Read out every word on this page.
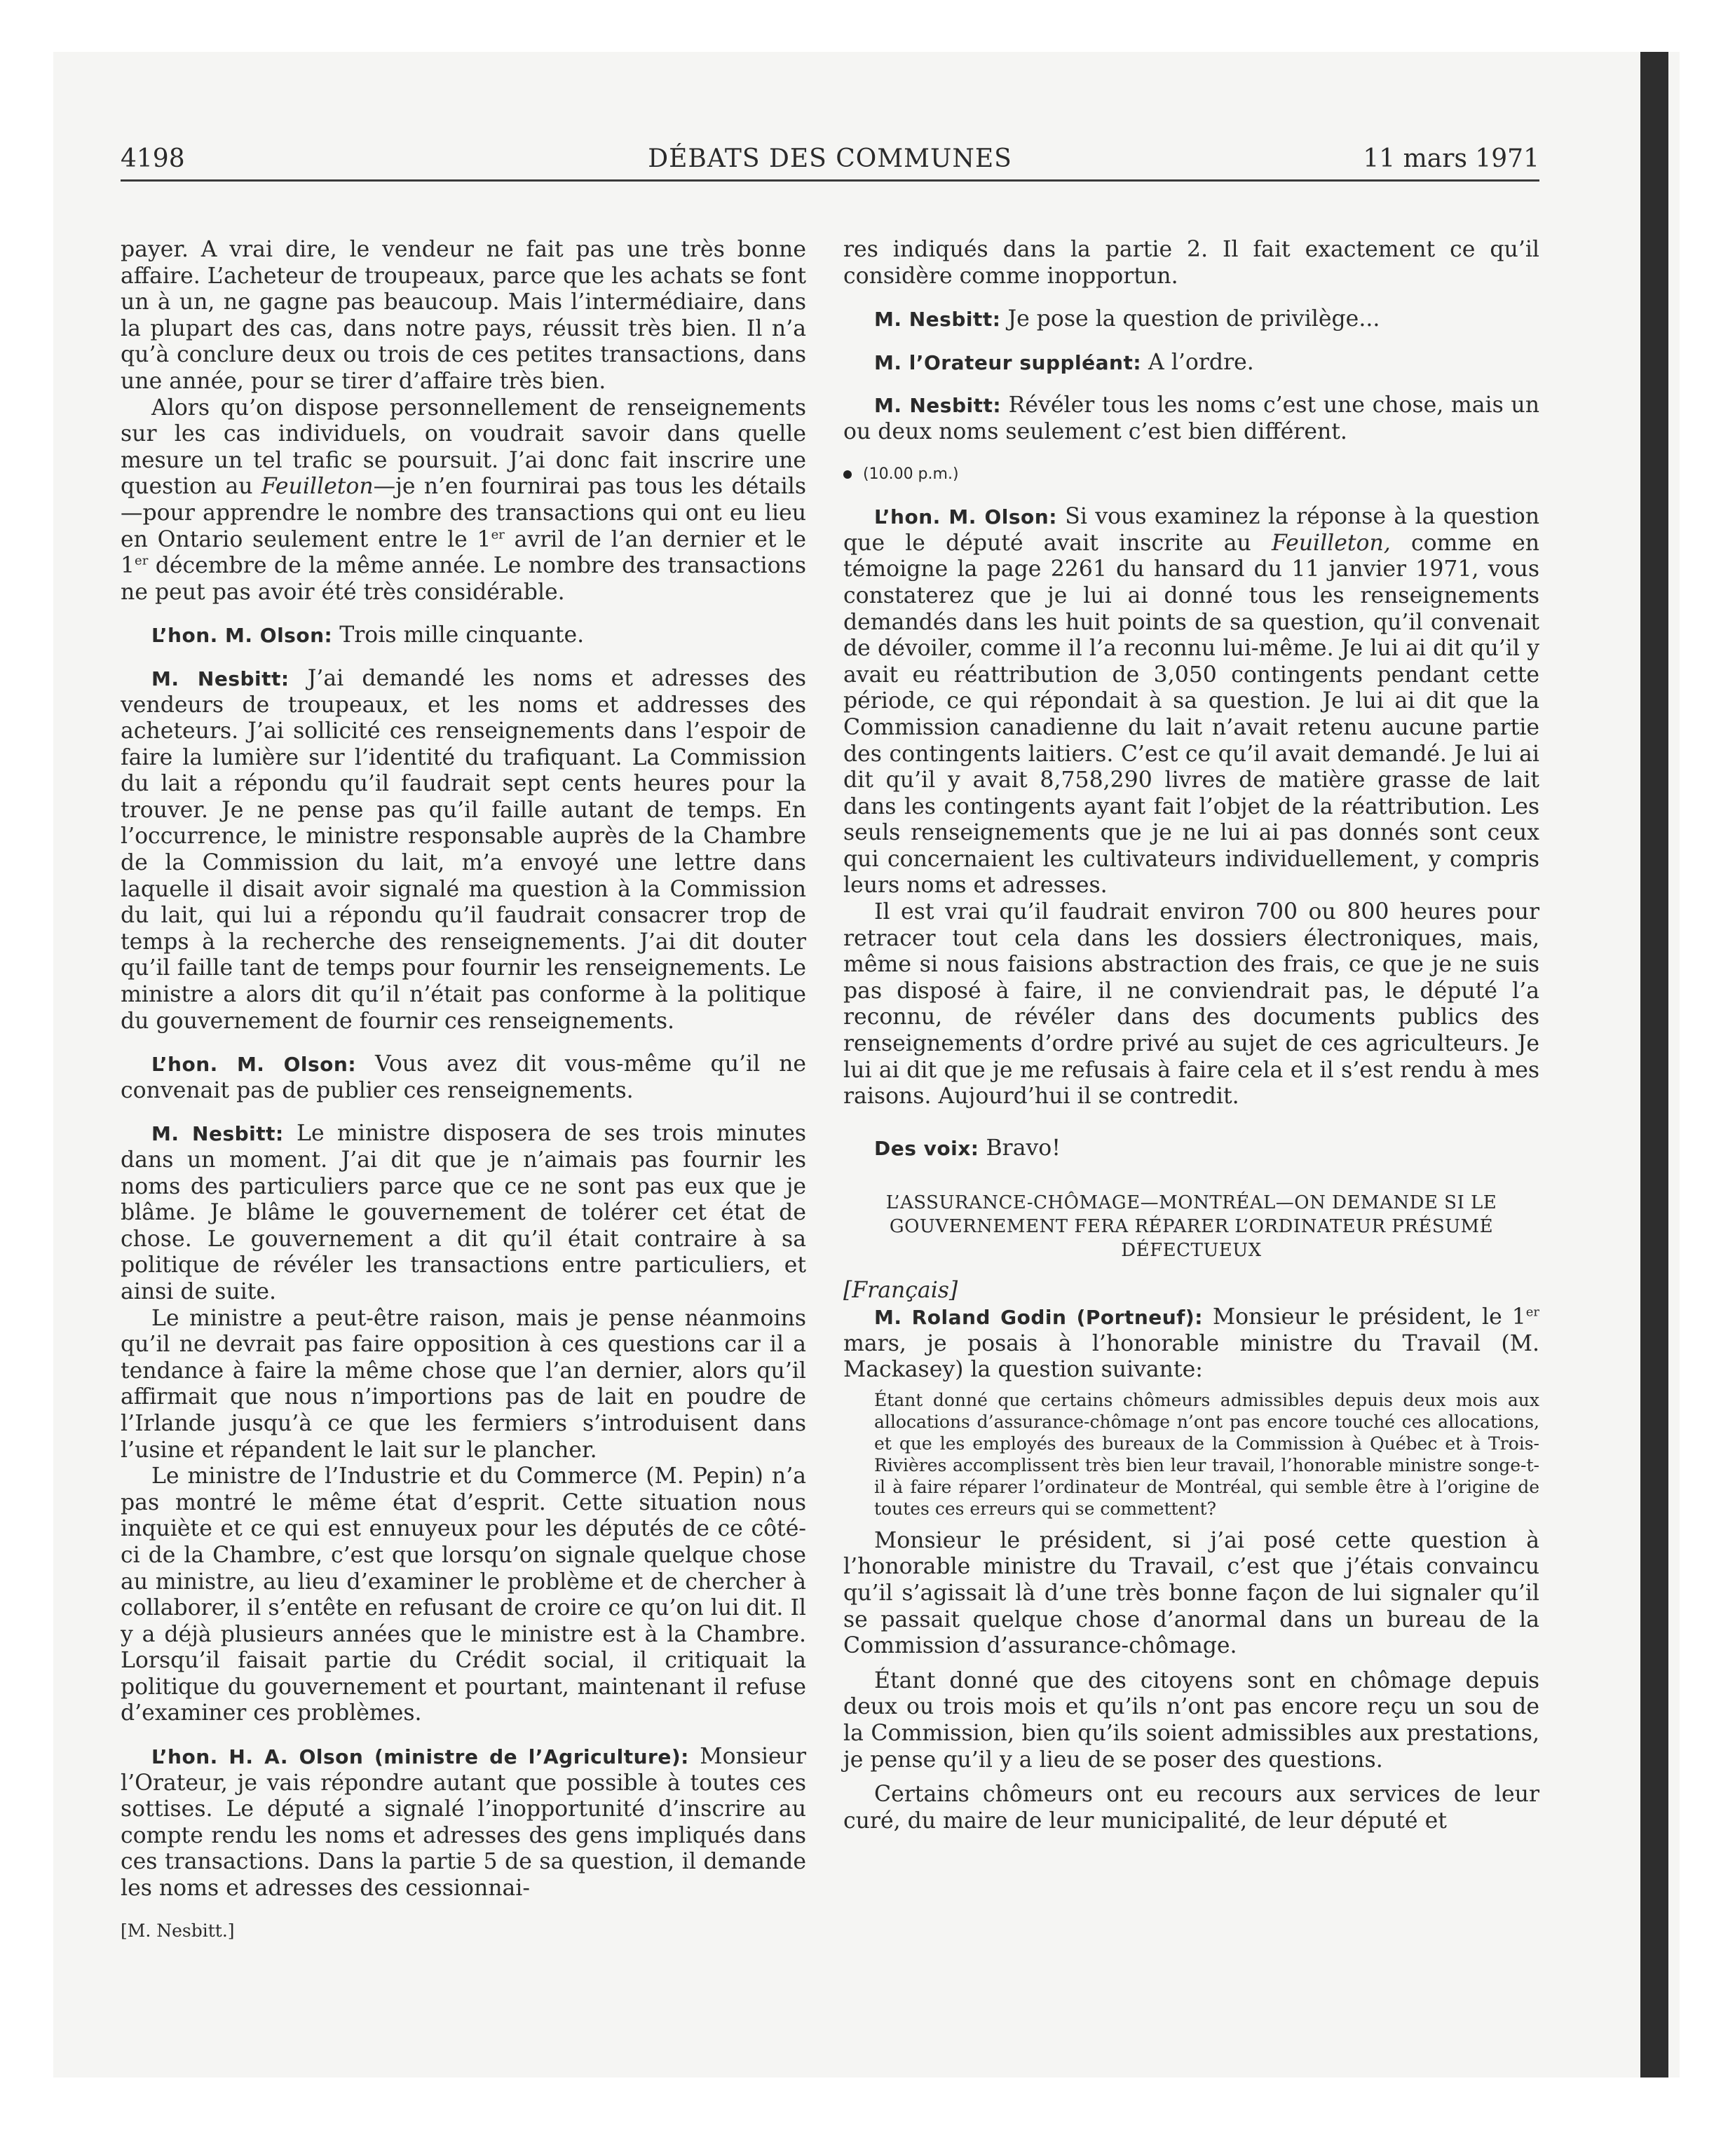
4198	DÉBATS DES COMMUNES	11 mars 1971

payer. A vrai dire, le vendeur ne fait pas une très bonne affaire. L’acheteur de troupeaux, parce que les achats se font un à un, ne gagne pas beaucoup. Mais l’intermédiaire, dans la plupart des cas, dans notre pays, réussit très bien. Il n’a qu’à conclure deux ou trois de ces petites transactions, dans une année, pour se tirer d’affaire très bien.

Alors qu’on dispose personnellement de renseignements sur les cas individuels, on voudrait savoir dans quelle mesure un tel trafic se poursuit. J’ai donc fait inscrire une question au Feuilleton—je n’en fournirai pas tous les détails—pour apprendre le nombre des transactions qui ont eu lieu en Ontario seulement entre le 1er avril de l’an dernier et le 1er décembre de la même année. Le nombre des transactions ne peut pas avoir été très considérable.

L’hon. M. Olson: Trois mille cinquante.

M. Nesbitt: J’ai demandé les noms et adresses des vendeurs de troupeaux, et les noms et addresses des acheteurs. J’ai sollicité ces renseignements dans l’espoir de faire la lumière sur l’identité du trafiquant. La Commission du lait a répondu qu’il faudrait sept cents heures pour la trouver. Je ne pense pas qu’il faille autant de temps. En l’occurrence, le ministre responsable auprès de la Chambre de la Commission du lait, m’a envoyé une lettre dans laquelle il disait avoir signalé ma question à la Commission du lait, qui lui a répondu qu’il faudrait consacrer trop de temps à la recherche des renseignements. J’ai dit douter qu’il faille tant de temps pour fournir les renseignements. Le ministre a alors dit qu’il n’était pas conforme à la politique du gouvernement de fournir ces renseignements.

L’hon. M. Olson: Vous avez dit vous-même qu’il ne convenait pas de publier ces renseignements.

M. Nesbitt: Le ministre disposera de ses trois minutes dans un moment. J’ai dit que je n’aimais pas fournir les noms des particuliers parce que ce ne sont pas eux que je blâme. Je blâme le gouvernement de tolérer cet état de chose. Le gouvernement a dit qu’il était contraire à sa politique de révéler les transactions entre particuliers, et ainsi de suite.

Le ministre a peut-être raison, mais je pense néanmoins qu’il ne devrait pas faire opposition à ces questions car il a tendance à faire la même chose que l’an dernier, alors qu’il affirmait que nous n’importions pas de lait en poudre de l’Irlande jusqu’à ce que les fermiers s’introduisent dans l’usine et répandent le lait sur le plancher.

Le ministre de l’Industrie et du Commerce (M. Pepin) n’a pas montré le même état d’esprit. Cette situation nous inquiète et ce qui est ennuyeux pour les députés de ce côté-ci de la Chambre, c’est que lorsqu’on signale quelque chose au ministre, au lieu d’examiner le problème et de chercher à collaborer, il s’entête en refusant de croire ce qu’on lui dit. Il y a déjà plusieurs années que le ministre est à la Chambre. Lorsqu’il faisait partie du Crédit social, il critiquait la politique du gouvernement et pourtant, maintenant il refuse d’examiner ces problèmes.

L’hon. H. A. Olson (ministre de l’Agriculture): Monsieur l’Orateur, je vais répondre autant que possible à toutes ces sottises. Le député a signalé l’inopportunité d’inscrire au compte rendu les noms et adresses des gens impliqués dans ces transactions. Dans la partie 5 de sa question, il demande les noms et adresses des cessionnai-

[M. Nesbitt.]

res indiqués dans la partie 2. Il fait exactement ce qu’il considère comme inopportun.

M. Nesbitt: Je pose la question de privilège...

M. l’Orateur suppléant: A l’ordre.

M. Nesbitt: Révéler tous les noms c’est une chose, mais un ou deux noms seulement c’est bien différent.

(10.00 p.m.)

L’hon. M. Olson: Si vous examinez la réponse à la question que le député avait inscrite au Feuilleton, comme en témoigne la page 2261 du hansard du 11 janvier 1971, vous constaterez que je lui ai donné tous les renseignements demandés dans les huit points de sa question, qu’il convenait de dévoiler, comme il l’a reconnu lui-même. Je lui ai dit qu’il y avait eu réattribution de 3,050 contingents pendant cette période, ce qui répondait à sa question. Je lui ai dit que la Commission canadienne du lait n’avait retenu aucune partie des contingents laitiers. C’est ce qu’il avait demandé. Je lui ai dit qu’il y avait 8,758,290 livres de matière grasse de lait dans les contingents ayant fait l’objet de la réattribution. Les seuls renseignements que je ne lui ai pas donnés sont ceux qui concernaient les cultivateurs individuellement, y compris leurs noms et adresses.

Il est vrai qu’il faudrait environ 700 ou 800 heures pour retracer tout cela dans les dossiers électroniques, mais, même si nous faisions abstraction des frais, ce que je ne suis pas disposé à faire, il ne conviendrait pas, le député l’a reconnu, de révéler dans des documents publics des renseignements d’ordre privé au sujet de ces agriculteurs. Je lui ai dit que je me refusais à faire cela et il s’est rendu à mes raisons. Aujourd’hui il se contredit.

Des voix: Bravo!

L’ASSURANCE-CHÔMAGE—MONTRÉAL—ON DEMANDE SI LE GOUVERNEMENT FERA RÉPARER L’ORDINATEUR PRÉSUMÉ DÉFECTUEUX

[Français]

M. Roland Godin (Portneuf): Monsieur le président, le 1er mars, je posais à l’honorable ministre du Travail (M. Mackasey) la question suivante:

Étant donné que certains chômeurs admissibles depuis deux mois aux allocations d’assurance-chômage n’ont pas encore touché ces allocations, et que les employés des bureaux de la Commission à Québec et à Trois-Rivières accomplissent très bien leur travail, l’honorable ministre songe-t-il à faire réparer l’ordinateur de Montréal, qui semble être à l’origine de toutes ces erreurs qui se commettent?

Monsieur le président, si j’ai posé cette question à l’honorable ministre du Travail, c’est que j’étais convaincu qu’il s’agissait là d’une très bonne façon de lui signaler qu’il se passait quelque chose d’anormal dans un bureau de la Commission d’assurance-chômage.

Étant donné que des citoyens sont en chômage depuis deux ou trois mois et qu’ils n’ont pas encore reçu un sou de la Commission, bien qu’ils soient admissibles aux prestations, je pense qu’il y a lieu de se poser des questions.

Certains chômeurs ont eu recours aux services de leur curé, du maire de leur municipalité, de leur député et
